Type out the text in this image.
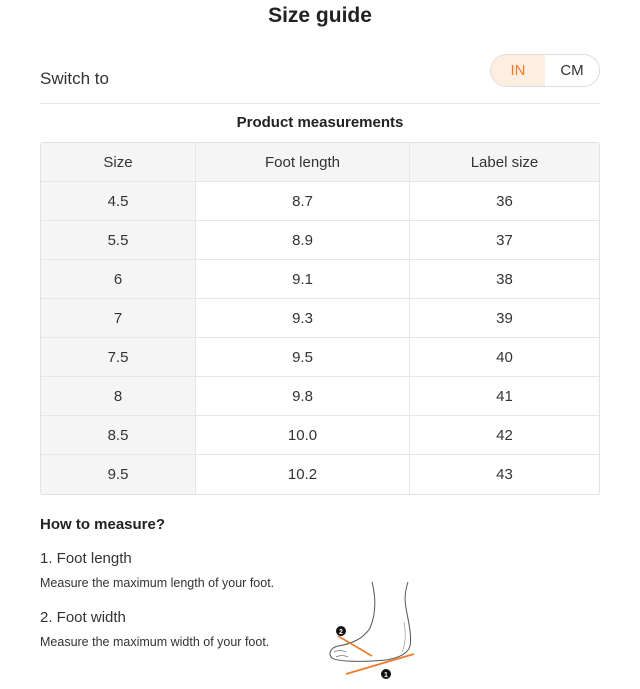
Size guide
Switch to	IN	CM
Product measurements
Size	Foot length	Label size
4.5	8.7	36
5.5	8.9	37
6	9.1	38
7	9.3	39
7.5	9.5	40
8	9.8	41
8.5	10.0	42
9.5	10.2	43
How to measure?
1. Foot length
Measure the maximum length of your foot.
2. Foot width
Measure the maximum width of your foot.
2
1
